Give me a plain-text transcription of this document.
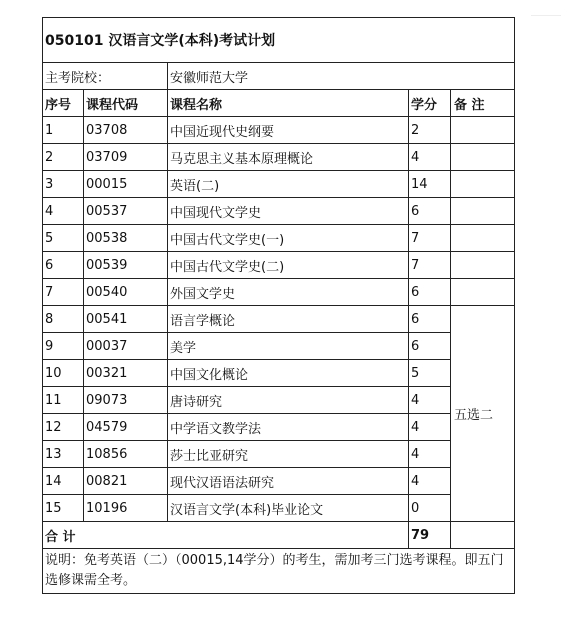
050101 汉语言文学(本科)考试计划				
主考院校：		安徽师范大学		
序号	课程代码	课程名称	学分	备 注
1	03708	中国近现代史纲要	2	
2	03709	马克思主义基本原理概论	4	
3	00015	英语(二)	14	
4	00537	中国现代文学史	6	
5	00538	中国古代文学史(一)	7	
6	00539	中国古代文学史(二)	7	
7	00540	外国文学史	6	
8	00541	语言学概论	6	五选二
9	00037	美学	6	
10	00321	中国文化概论	5	
11	09073	唐诗研究	4	
12	04579	中学语文教学法	4	
13	10856	莎士比亚研究	4	
14	00821	现代汉语语法研究	4	
15	10196	汉语言文学(本科)毕业论文	0	
合 计			79	
说明：免考英语（二）（00015,14学分）的考生，需加考三门选考课程。即五门选修课需全考。				
